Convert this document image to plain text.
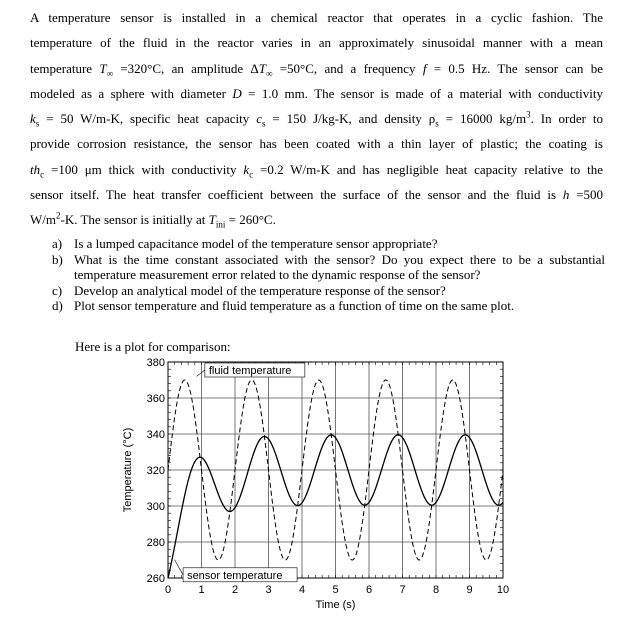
A temperature sensor is installed in a chemical reactor that operates in a cyclic fashion. The
temperature of the fluid in the reactor varies in an approximately sinusoidal manner with a mean
temperature $T_\infty =320^\circ C$, an amplitude $\Delta T_\infty =50^\circ C$, and a frequency f = 0.5 Hz. The sensor can be
modeled as a sphere with diameter D = 1.0 mm. The sensor is made of a material with conductivity
$k_s = 50$ W/m-K, specific heat capacity $c_s = 150$ J/kg-K, and density $\rho_s = 16000$ $kg/m^3$. In order to
provide corrosion resistance, the sensor has been coated with a thin layer of plastic; the coating is
$th_c =100$ μm thick with conductivity $k_c =0.2$ W/m-K and has negligible heat capacity relative to the
sensor itself. The heat transfer coefficient between the surface of the sensor and the fluid is h =500
$W/m^2-K$. The sensor is initially at $T_{ini} = 260^\circ C$.
a) Is a lumped capacitance model of the temperature sensor appropriate?
b) What is the time constant associated with the sensor? Do you expect there to be a substantial temperature measurement error related to the dynamic response of the sensor?
c) Develop an analytical model of the temperature response of the sensor?
d) Plot sensor temperature and fluid temperature as a function of time on the same plot.
Here is a plot for comparison:
0 1 2 3 4 5 6 7 8 9 10
260
280
300
320
340
360
380
Time (s)
Temperature (°C)
fluid temperature
sensor temperature
